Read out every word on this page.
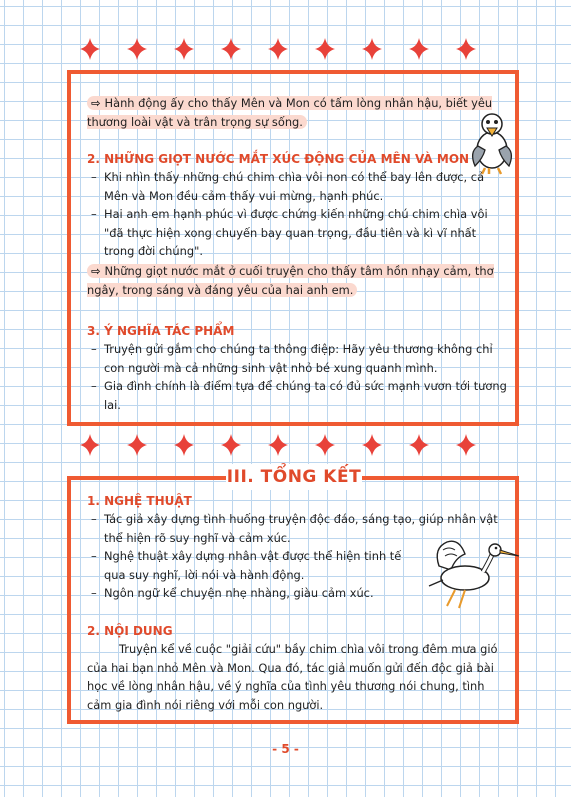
⇨ Hành động ấy cho thấy Mên và Mon có tấm lòng nhân hậu, biết yêu thương loài vật và trân trọng sự sống.
2. NHỮNG GIỌT NƯỚC MẮT XÚC ĐỘNG CỦA MÊN VÀ MON
– Khi nhìn thấy những chú chim chìa vôi non có thể bay lên được, cả Mên và Mon đều cảm thấy vui mừng, hạnh phúc.
– Hai anh em hạnh phúc vì được chứng kiến những chú chim chìa vôi "đã thực hiện xong chuyến bay quan trọng, đầu tiên và kì vĩ nhất trong đời chúng".
⇨ Những giọt nước mắt ở cuối truyện cho thấy tâm hồn nhạy cảm, thơ ngây, trong sáng và đáng yêu của hai anh em.
3. Ý NGHĨA TÁC PHẨM
– Truyện gửi gắm cho chúng ta thông điệp: Hãy yêu thương không chỉ con người mà cả những sinh vật nhỏ bé xung quanh mình.
– Gia đình chính là điểm tựa để chúng ta có đủ sức mạnh vươn tới tương lai.
1. NGHỆ THUẬT
– Tác giả xây dựng tình huống truyện độc đáo, sáng tạo, giúp nhân vật thể hiện rõ suy nghĩ và cảm xúc.
– Nghệ thuật xây dựng nhân vật được thể hiện tinh tế qua suy nghĩ, lời nói và hành động.
– Ngôn ngữ kể chuyện nhẹ nhàng, giàu cảm xúc.
2. NỘI DUNG
Truyện kể về cuộc "giải cứu" bầy chim chìa vôi trong đêm mưa gió của hai bạn nhỏ Mên và Mon. Qua đó, tác giả muốn gửi đến độc giả bài học về lòng nhân hậu, về ý nghĩa của tình yêu thương nói chung, tình cảm gia đình nói riêng với mỗi con người.
III. TỔNG KẾT
- 5 -
